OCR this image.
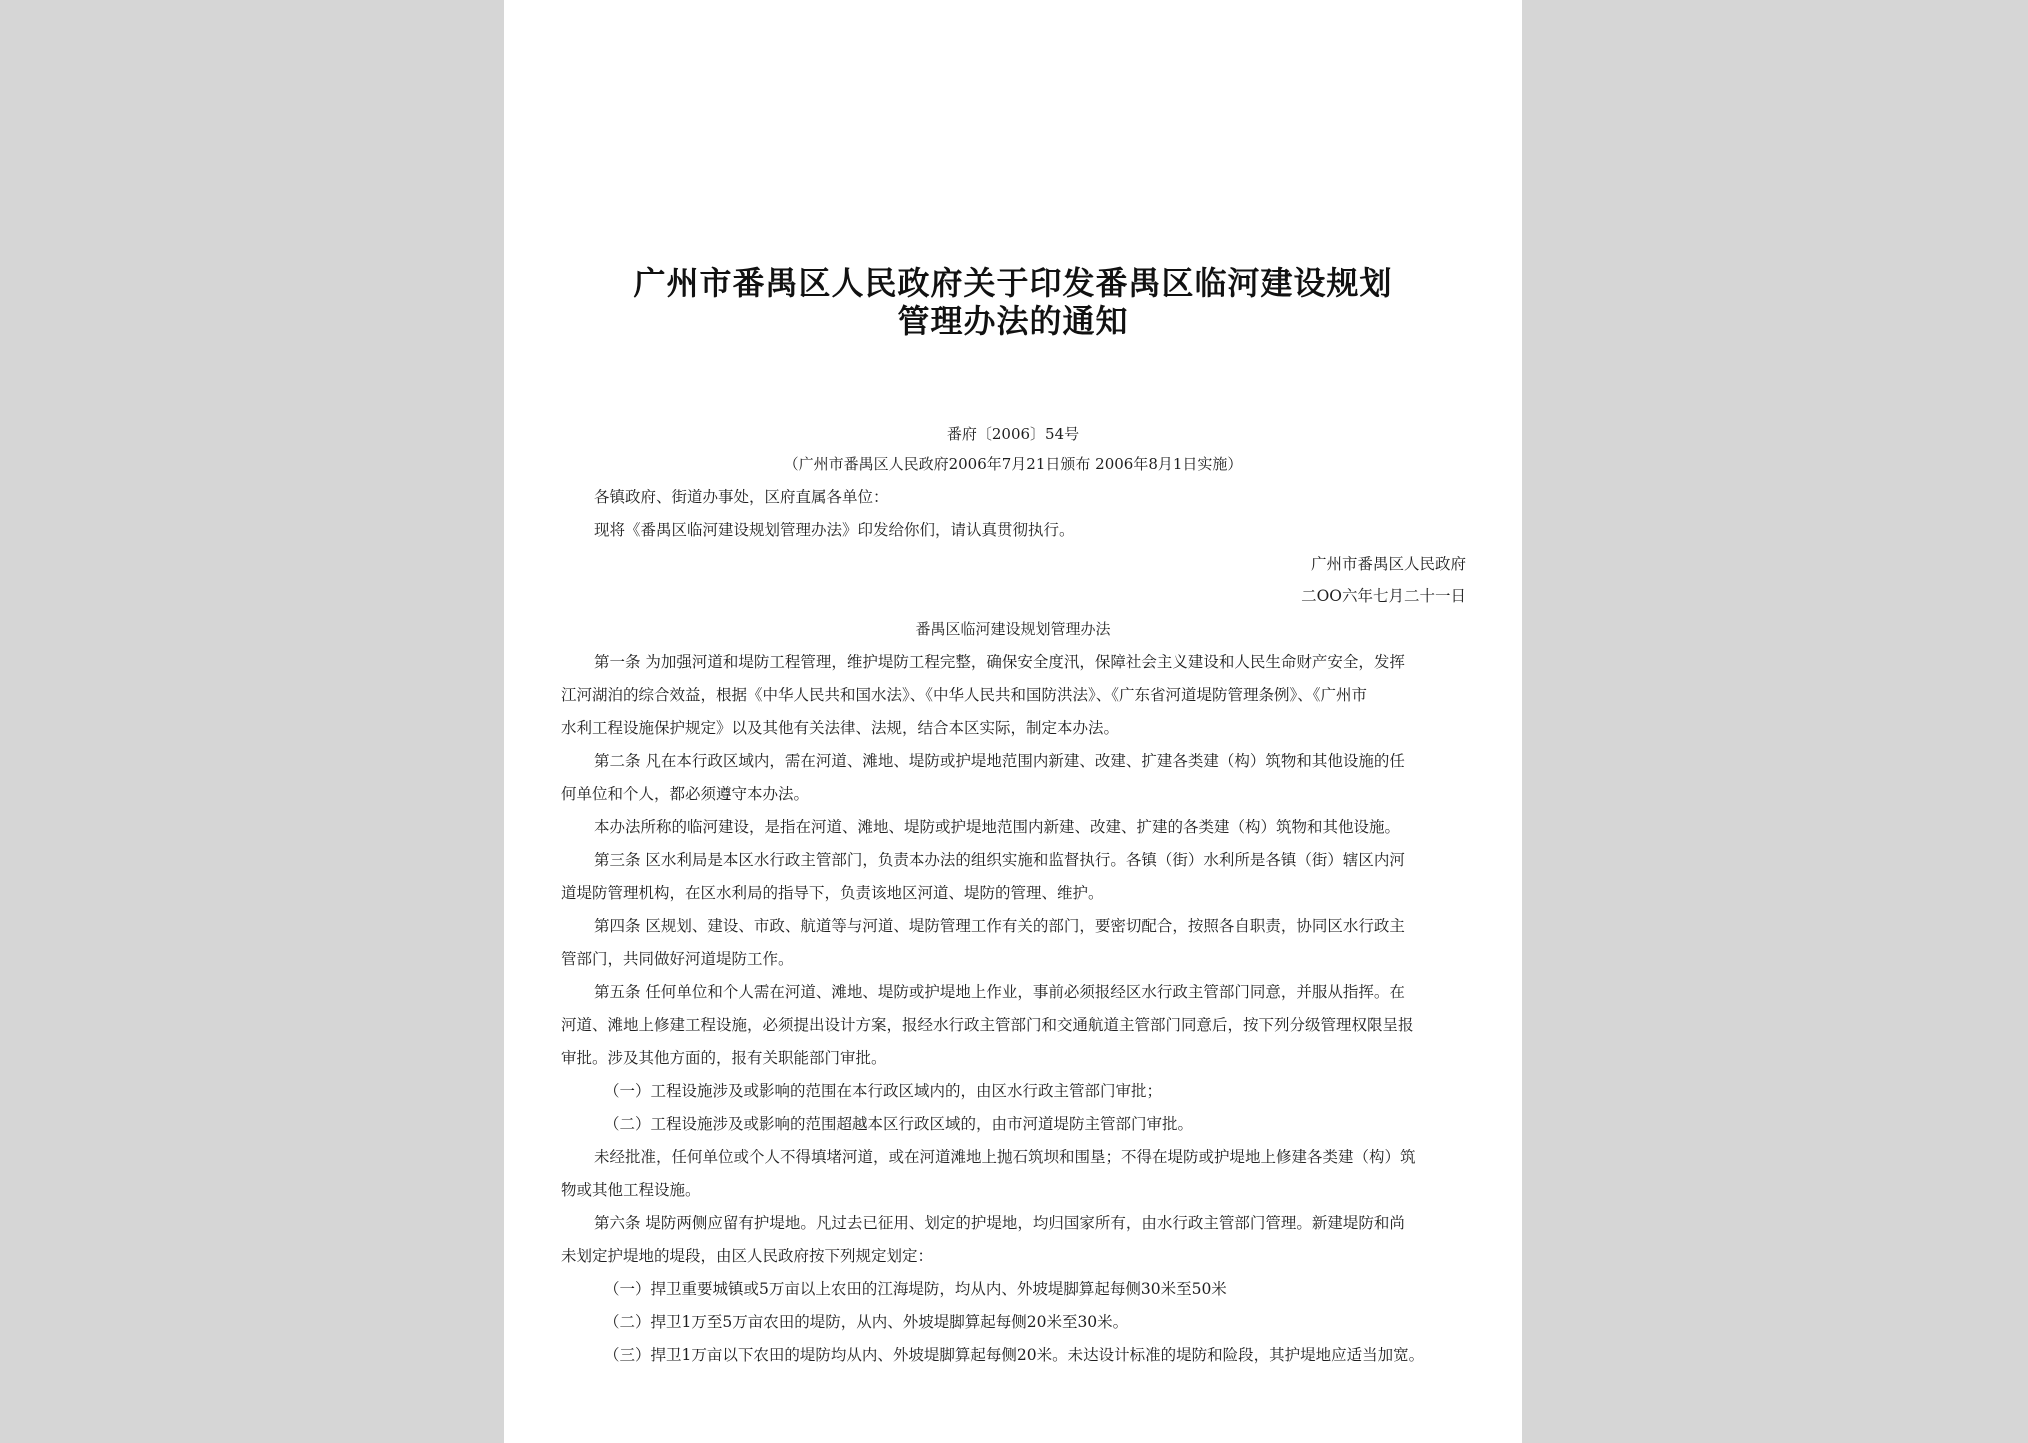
广州市番禺区人民政府关于印发番禺区临河建设规划
管理办法的通知
番府〔2006〕54号
（广州市番禺区人民政府2006年7月21日颁布 2006年8月1日实施）
各镇政府、街道办事处，区府直属各单位：
现将《番禺区临河建设规划管理办法》印发给你们，请认真贯彻执行。
广州市番禺区人民政府
二OO六年七月二十一日
番禺区临河建设规划管理办法
第一条 为加强河道和堤防工程管理，维护堤防工程完整，确保安全度汛，保障社会主义建设和人民生命财产安全，发挥
江河湖泊的综合效益，根据《中华人民共和国水法》、《中华人民共和国防洪法》、《广东省河道堤防管理条例》、《广州市
水利工程设施保护规定》以及其他有关法律、法规，结合本区实际，制定本办法。
第二条 凡在本行政区域内，需在河道、滩地、堤防或护堤地范围内新建、改建、扩建各类建（构）筑物和其他设施的任
何单位和个人，都必须遵守本办法。
本办法所称的临河建设，是指在河道、滩地、堤防或护堤地范围内新建、改建、扩建的各类建（构）筑物和其他设施。
第三条 区水利局是本区水行政主管部门，负责本办法的组织实施和监督执行。各镇（街）水利所是各镇（街）辖区内河
道堤防管理机构，在区水利局的指导下，负责该地区河道、堤防的管理、维护。
第四条 区规划、建设、市政、航道等与河道、堤防管理工作有关的部门，要密切配合，按照各自职责，协同区水行政主
管部门，共同做好河道堤防工作。
第五条 任何单位和个人需在河道、滩地、堤防或护堤地上作业，事前必须报经区水行政主管部门同意，并服从指挥。在
河道、滩地上修建工程设施，必须提出设计方案，报经水行政主管部门和交通航道主管部门同意后，按下列分级管理权限呈报
审批。涉及其他方面的，报有关职能部门审批。
（一）工程设施涉及或影响的范围在本行政区域内的，由区水行政主管部门审批；
（二）工程设施涉及或影响的范围超越本区行政区域的，由市河道堤防主管部门审批。
未经批准，任何单位或个人不得填堵河道，或在河道滩地上抛石筑坝和围垦；不得在堤防或护堤地上修建各类建（构）筑
物或其他工程设施。
第六条 堤防两侧应留有护堤地。凡过去已征用、划定的护堤地，均归国家所有，由水行政主管部门管理。新建堤防和尚
未划定护堤地的堤段，由区人民政府按下列规定划定：
（一）捍卫重要城镇或5万亩以上农田的江海堤防，均从内、外坡堤脚算起每侧30米至50米
（二）捍卫1万至5万亩农田的堤防，从内、外坡堤脚算起每侧20米至30米。
（三）捍卫1万亩以下农田的堤防均从内、外坡堤脚算起每侧20米。未达设计标准的堤防和险段，其护堤地应适当加宽。
